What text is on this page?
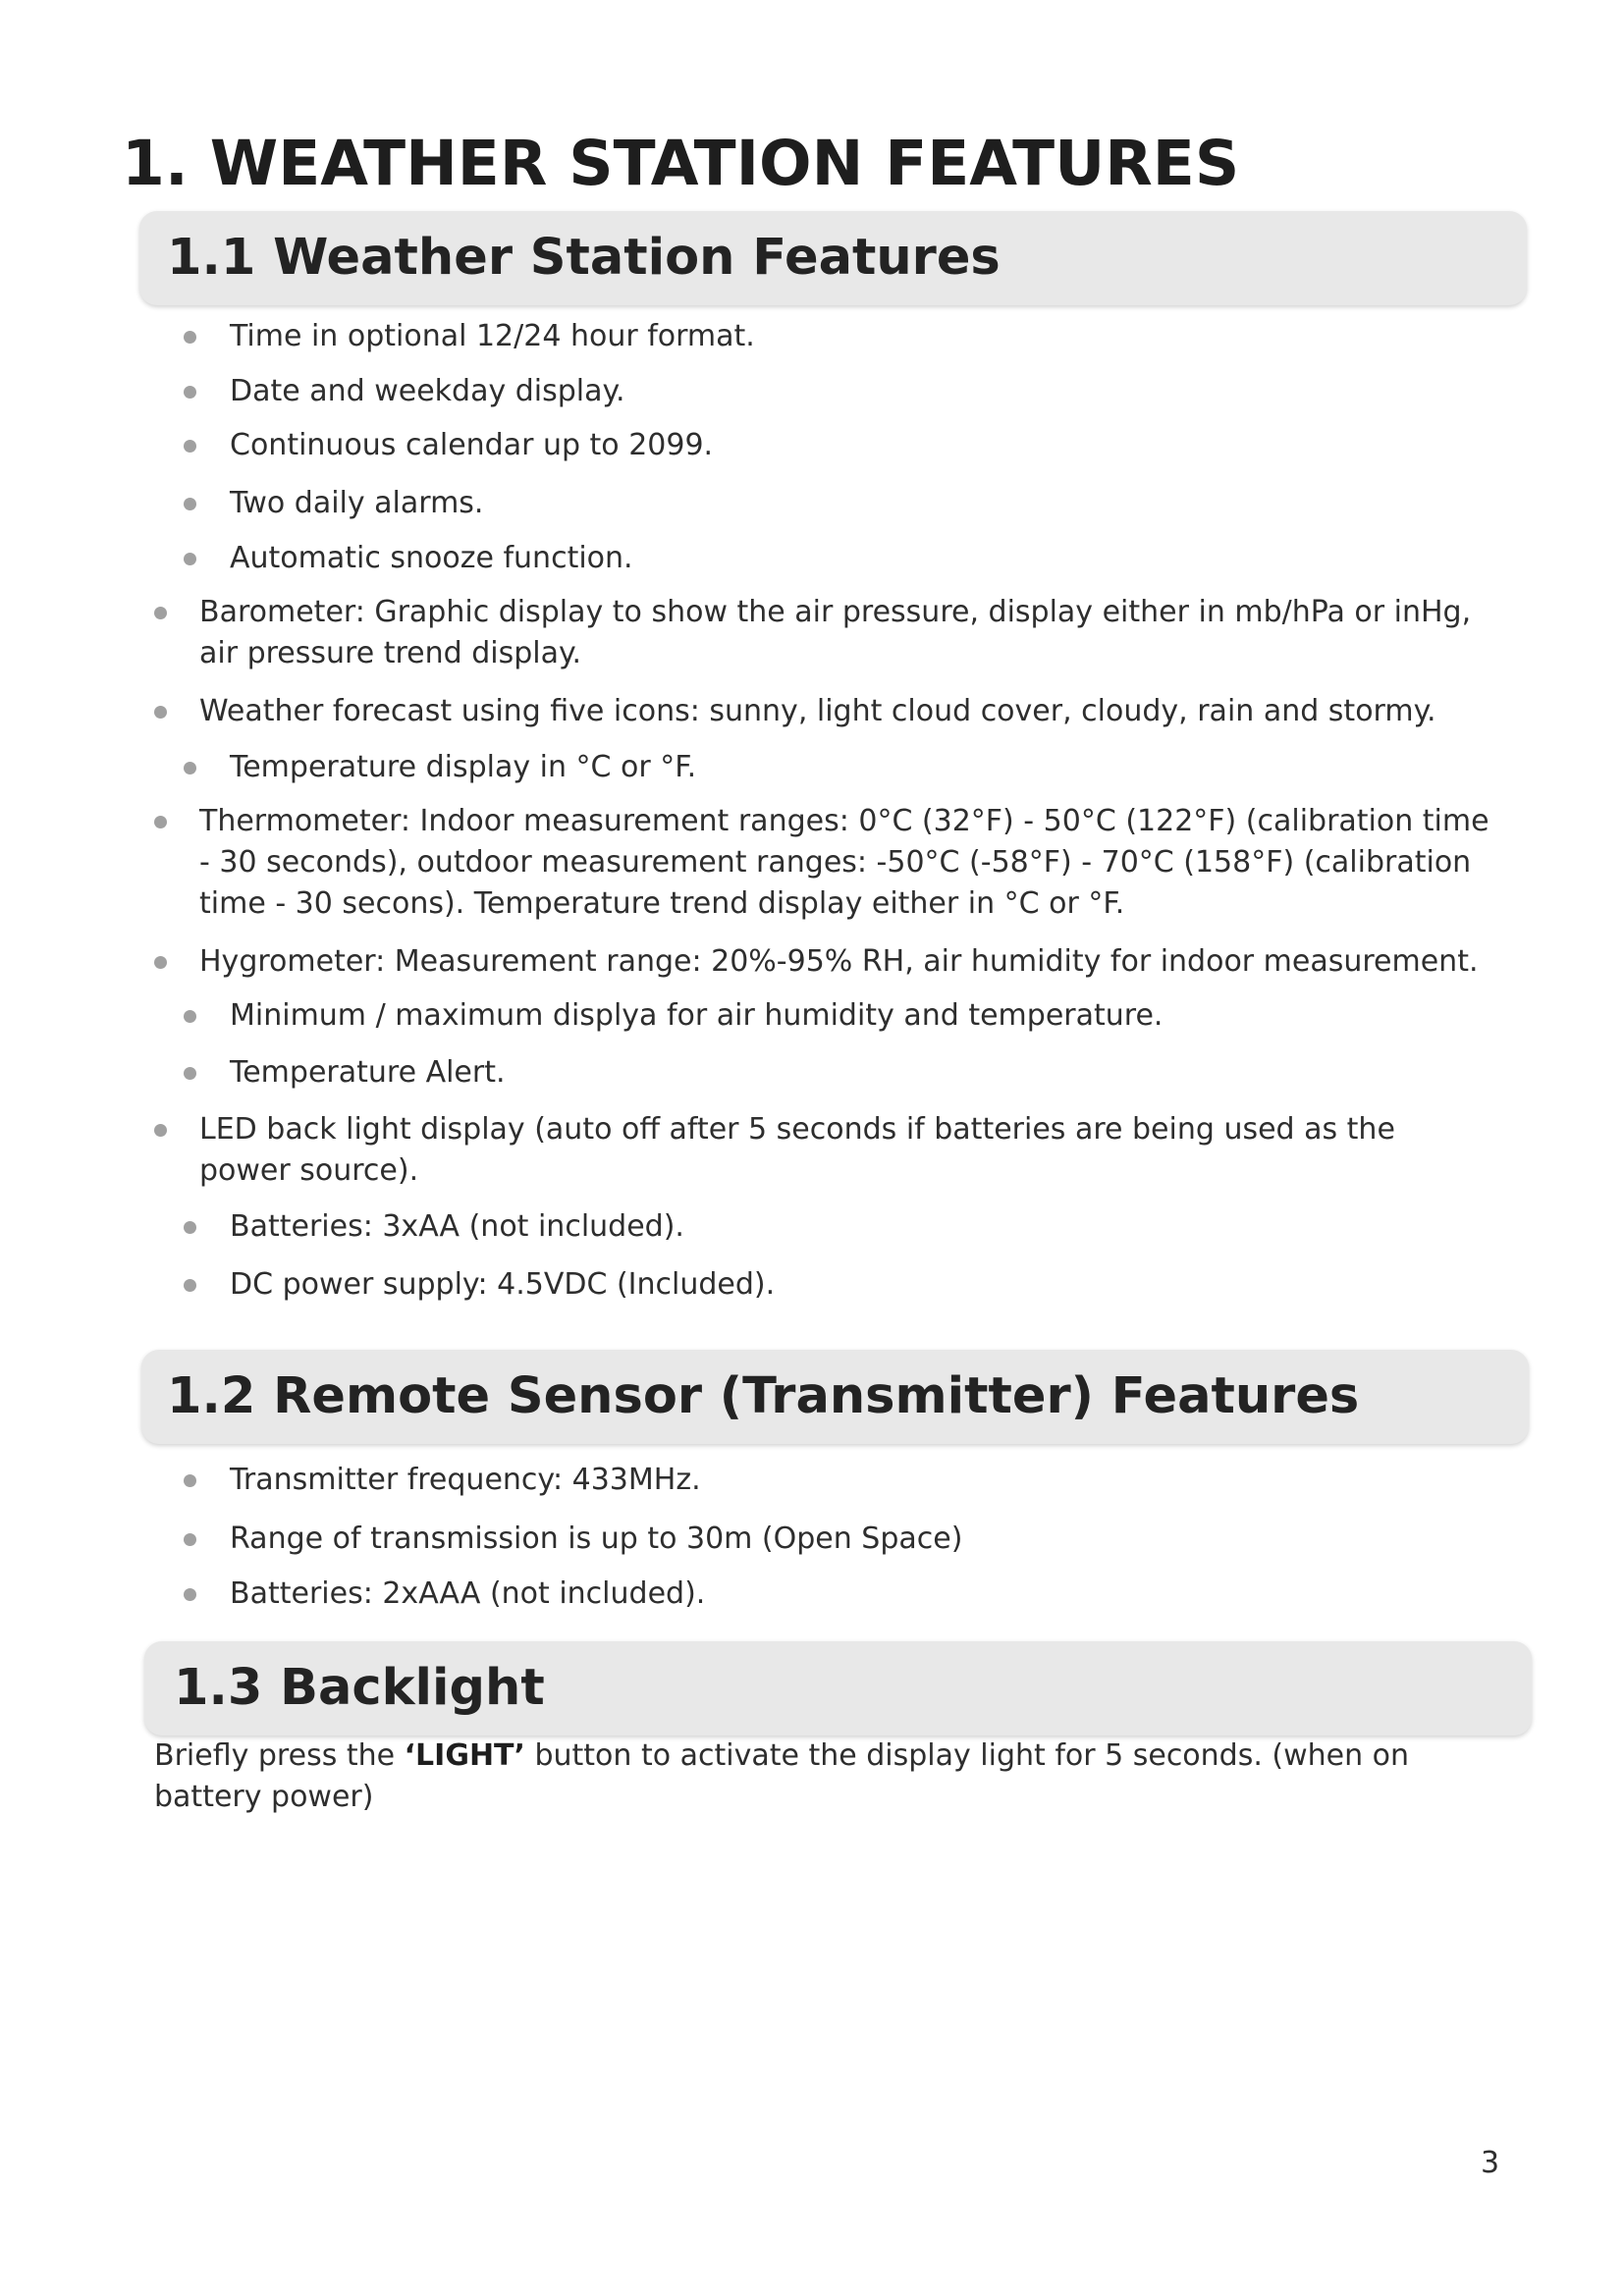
1. WEATHER STATION FEATURES
1.1 Weather Station Features
Time in optional 12/24 hour format.
Date and weekday display.
Continuous calendar up to 2099.
Two daily alarms.
Automatic snooze function.
Barometer: Graphic display to show the air pressure, display either in mb/hPa or inHg, air pressure trend display.
Weather forecast using five icons: sunny, light cloud cover, cloudy, rain and stormy.
Temperature display in °C or °F.
Thermometer: Indoor measurement ranges: 0°C (32°F) - 50°C (122°F) (calibration time - 30 seconds), outdoor measurement ranges: -50°C (-58°F) - 70°C (158°F) (calibration time - 30 secons). Temperature trend display either in °C or °F.
Hygrometer: Measurement range: 20%-95% RH, air humidity for indoor measurement.
Minimum / maximum displya for air humidity and temperature.
Temperature Alert.
LED back light display (auto off after 5 seconds if batteries are being used as the power source).
Batteries: 3xAA (not included).
DC power supply: 4.5VDC (Included).
1.2 Remote Sensor (Transmitter) Features
Transmitter frequency: 433MHz.
Range of transmission is up to 30m (Open Space)
Batteries: 2xAAA (not included).
1.3 Backlight

Briefly press the ‘LIGHT’ button to activate the display light for 5 seconds. (when on battery power)

3
